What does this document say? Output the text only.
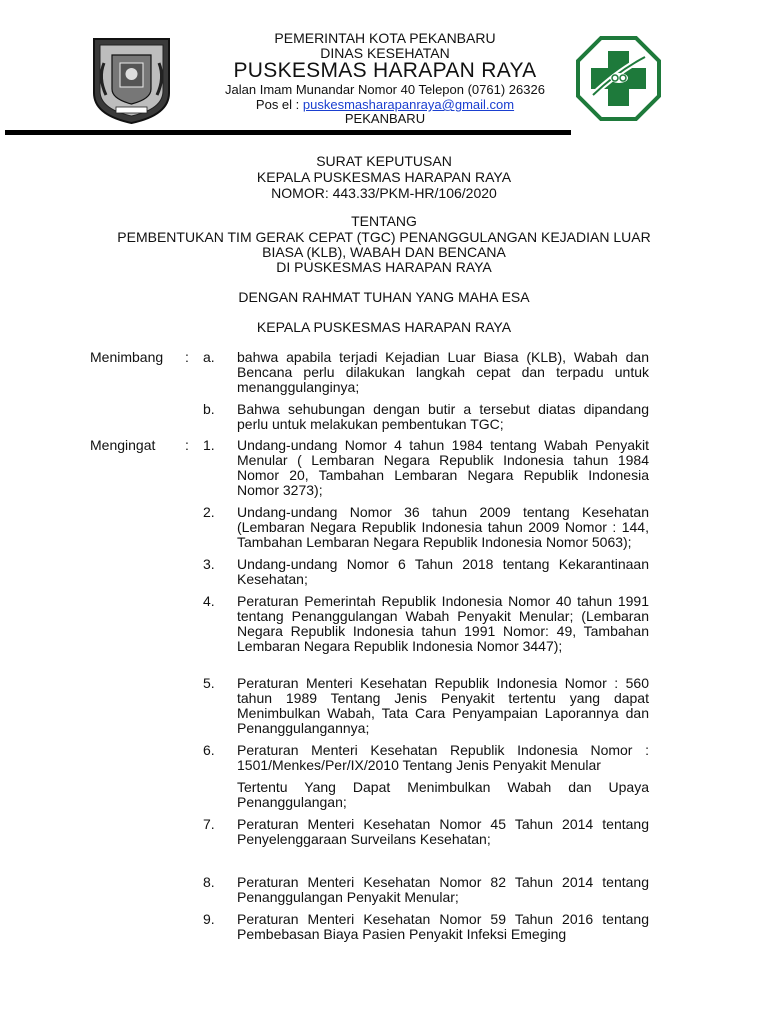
PEMERINTAH KOTA PEKANBARU
DINAS KESEHATAN
PUSKESMAS HARAPAN RAYA
Jalan Imam Munandar Nomor 40 Telepon (0761) 26326
Pos el : puskesmasharapanraya@gmail.com
PEKANBARU
SURAT KEPUTUSAN
KEPALA PUSKESMAS HARAPAN RAYA
NOMOR: 443.33/PKM-HR/106/2020
TENTANG
PEMBENTUKAN TIM GERAK CEPAT (TGC) PENANGGULANGAN KEJADIAN LUAR
BIASA (KLB), WABAH DAN BENCANA
DI PUSKESMAS HARAPAN RAYA
DENGAN RAHMAT TUHAN YANG MAHA ESA
KEPALA PUSKESMAS HARAPAN RAYA
Menimbang : a. bahwa apabila terjadi Kejadian Luar Biasa (KLB), Wabah dan Bencana perlu dilakukan langkah cepat dan terpadu untuk menanggulanginya;
b. Bahwa sehubungan dengan butir a tersebut diatas dipandang perlu untuk melakukan pembentukan TGC;
Mengingat : 1. Undang-undang Nomor 4 tahun 1984 tentang Wabah Penyakit Menular ( Lembaran Negara Republik Indonesia tahun 1984 Nomor 20, Tambahan Lembaran Negara Republik Indonesia Nomor 3273);
2. Undang-undang Nomor 36 tahun 2009 tentang Kesehatan (Lembaran Negara Republik Indonesia tahun 2009 Nomor : 144, Tambahan Lembaran Negara Republik Indonesia Nomor 5063);
3. Undang-undang Nomor 6 Tahun 2018 tentang Kekarantinaan Kesehatan;
4. Peraturan Pemerintah Republik Indonesia Nomor 40 tahun 1991 tentang Penanggulangan Wabah Penyakit Menular; (Lembaran Negara Republik Indonesia tahun 1991 Nomor: 49, Tambahan Lembaran Negara Republik Indonesia Nomor 3447);
5. Peraturan Menteri Kesehatan Republik Indonesia Nomor : 560 tahun 1989 Tentang Jenis Penyakit tertentu yang dapat Menimbulkan Wabah, Tata Cara Penyampaian Laporannya dan Penanggulangannya;
6. Peraturan Menteri Kesehatan Republik Indonesia Nomor : 1501/Menkes/Per/IX/2010 Tentang Jenis Penyakit Menular
Tertentu Yang Dapat Menimbulkan Wabah dan Upaya Penanggulangan;
7. Peraturan Menteri Kesehatan Nomor 45 Tahun 2014 tentang Penyelenggaraan Surveilans Kesehatan;
8. Peraturan Menteri Kesehatan Nomor 82 Tahun 2014 tentang Penanggulangan Penyakit Menular;
9. Peraturan Menteri Kesehatan Nomor 59 Tahun 2016 tentang Pembebasan Biaya Pasien Penyakit Infeksi Emeging
